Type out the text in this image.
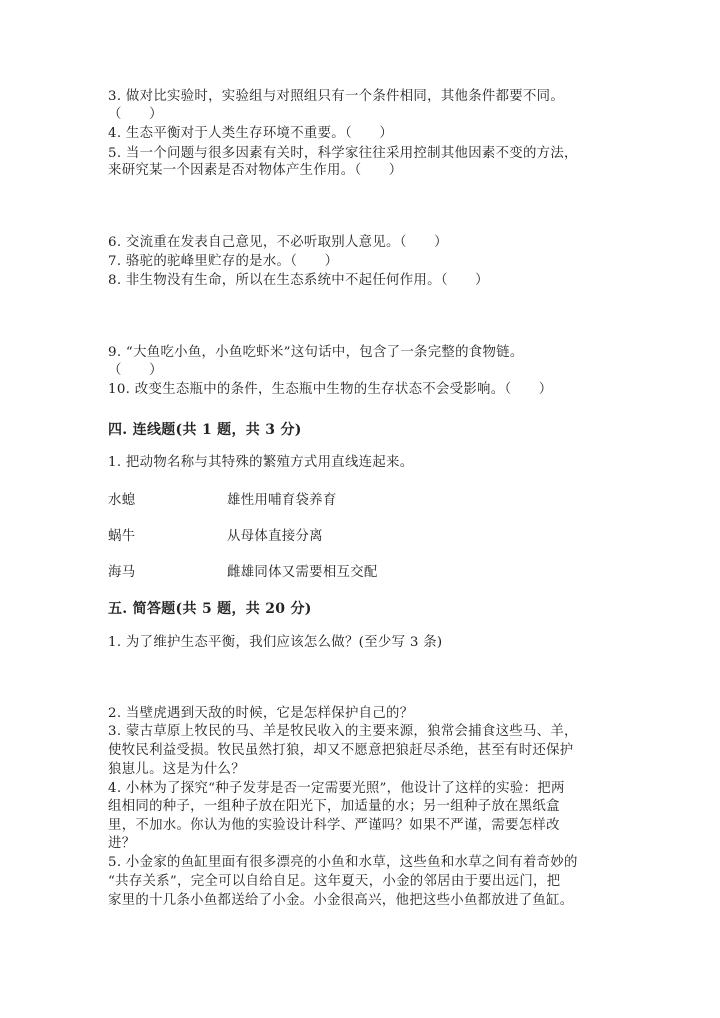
3. 做对比实验时，实验组与对照组只有一个条件相同，其他条件都要不同。
（　　）
4. 生态平衡对于人类生存环境不重要。（　　）
5. 当一个问题与很多因素有关时，科学家往往采用控制其他因素不变的方法，
来研究某一个因素是否对物体产生作用。（　　）
6. 交流重在发表自己意见，不必听取别人意见。（　　）
7. 骆驼的驼峰里贮存的是水。（　　）
8. 非生物没有生命，所以在生态系统中不起任何作用。（　　）
9. “大鱼吃小鱼，小鱼吃虾米”这句话中，包含了一条完整的食物链。
（　　）
10. 改变生态瓶中的条件，生态瓶中生物的生存状态不会受影响。（　　）
四. 连线题(共 1 题，共 3 分)
1. 把动物名称与其特殊的繁殖方式用直线连起来。
水螅	雄性用哺育袋养育
蜗牛	从母体直接分离
海马	雌雄同体又需要相互交配
五. 简答题(共 5 题，共 20 分)
1. 为了维护生态平衡，我们应该怎么做？(至少写 3 条)
2. 当壁虎遇到天敌的时候，它是怎样保护自己的？
3. 蒙古草原上牧民的马、羊是牧民收入的主要来源，狼常会捕食这些马、羊，
使牧民利益受损。牧民虽然打狼，却又不愿意把狼赶尽杀绝，甚至有时还保护
狼崽儿。这是为什么？
4. 小林为了探究“种子发芽是否一定需要光照”，他设计了这样的实验：把两
组相同的种子，一组种子放在阳光下，加适量的水；另一组种子放在黑纸盒
里，不加水。你认为他的实验设计科学、严谨吗？如果不严谨，需要怎样改
进？
5. 小金家的鱼缸里面有很多漂亮的小鱼和水草，这些鱼和水草之间有着奇妙的
“共存关系”，完全可以自给自足。这年夏天，小金的邻居由于要出远门，把
家里的十几条小鱼都送给了小金。小金很高兴，他把这些小鱼都放进了鱼缸。
